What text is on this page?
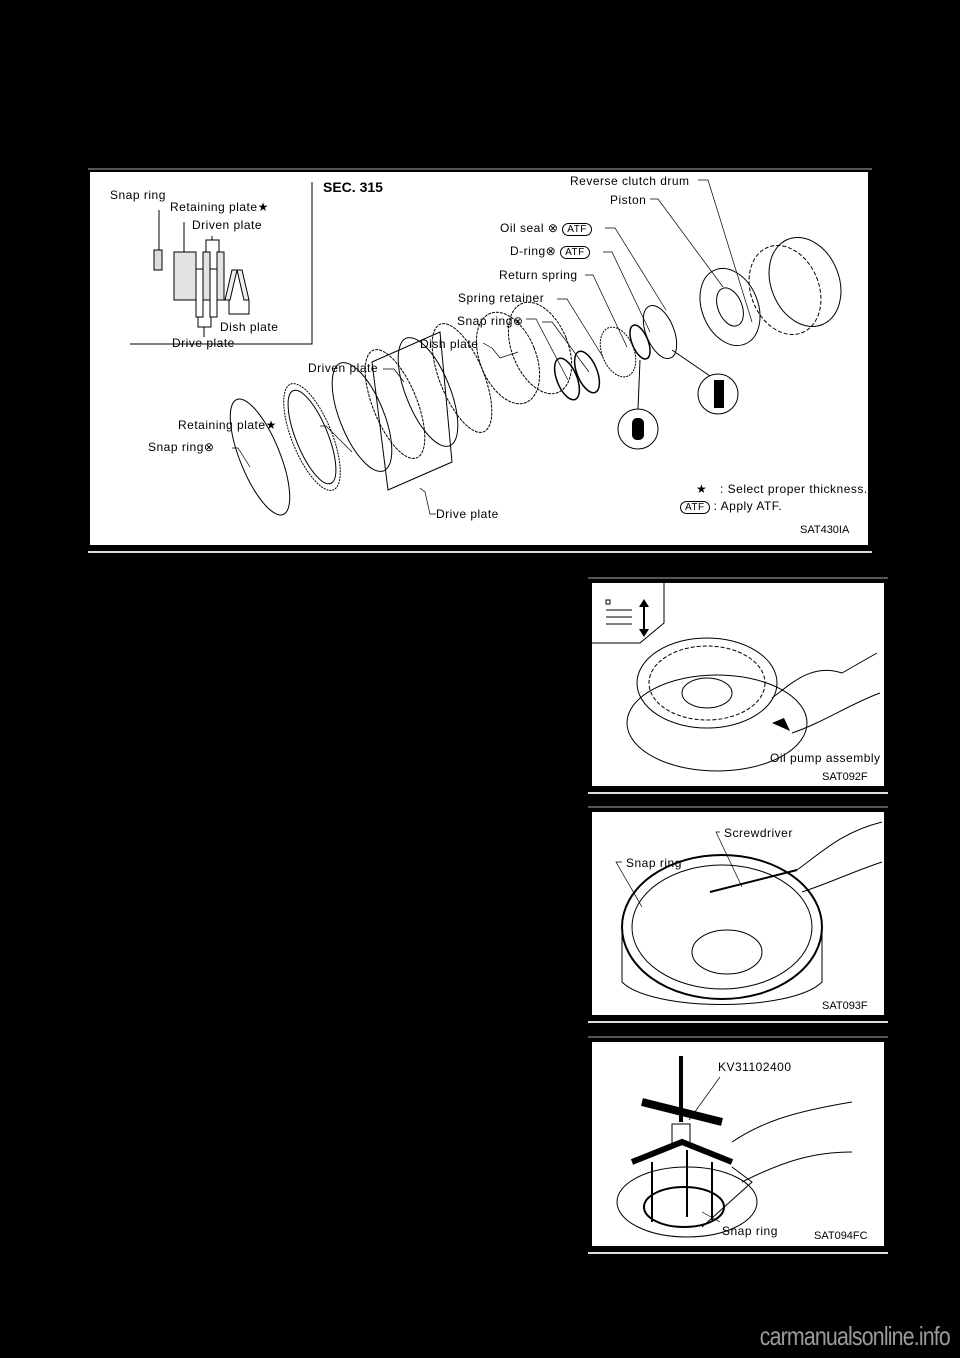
Snap ring
Retaining plate★
Driven plate
Dish plate
Drive plate
SEC. 315	Reverse clutch drum
Piston
Oil seal ⊗ ATF
D-ring⊗ ATF
Return spring
Spring retainer
Snap ring⊗
Dish plate
Driven plate
Retaining plate★
Snap ring⊗
Drive plate
★ : Select proper thickness.
ATF : Apply ATF.
SAT430IA
Oil pump assembly
SAT092F
Screwdriver
Snap ring
SAT093F
KV31102400
Snap ring	SAT094FC
carmanualsonline.info
